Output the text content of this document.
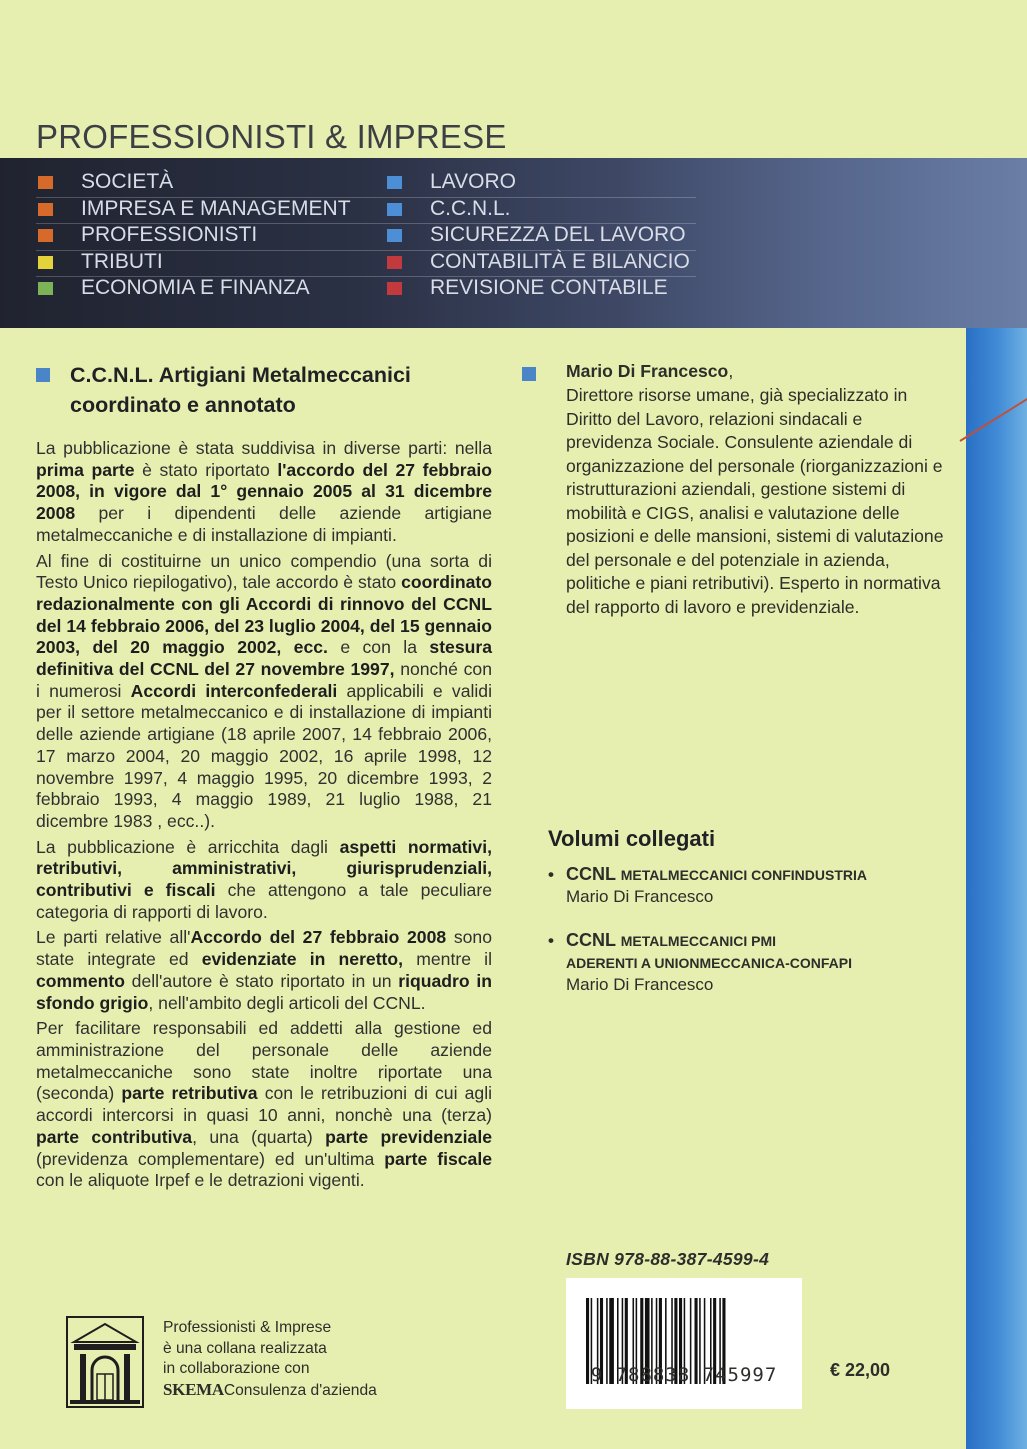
PROFESSIONISTI & IMPRESE
SOCIETÀ
IMPRESA E MANAGEMENT
PROFESSIONISTI
TRIBUTI
ECONOMIA E FINANZA
LAVORO
C.C.N.L.
SICUREZZA DEL LAVORO
CONTABILITÀ E BILANCIO
REVISIONE CONTABILE
C.C.N.L. Artigiani Metalmeccanici
coordinato e annotato

La pubblicazione è stata suddivisa in diverse parti: nella prima parte è stato riportato l'accordo del 27 febbraio 2008, in vigore dal 1° gennaio 2005 al 31 dicembre 2008 per i dipendenti delle aziende artigiane metalmeccaniche e di installazione di impianti.

Al fine di costituirne un unico compendio (una sorta di Testo Unico riepilogativo), tale accordo è stato coordinato redazionalmente con gli Accordi di rinnovo del CCNL del 14 febbraio 2006, del 23 luglio 2004, del 15 gennaio 2003, del 20 maggio 2002, ecc. e con la stesura definitiva del CCNL del 27 novembre 1997, nonché con i numerosi Accordi interconfederali applicabili e validi per il settore metalmeccanico e di installazione di impianti delle aziende artigiane (18 aprile 2007, 14 febbraio 2006, 17 marzo 2004, 20 maggio 2002, 16 aprile 1998, 12 novembre 1997, 4 maggio 1995, 20 dicembre 1993, 2 febbraio 1993, 4 maggio 1989, 21 luglio 1988, 21 dicembre 1983 , ecc..).

La pubblicazione è arricchita dagli aspetti normativi, retributivi, amministrativi, giurisprudenziali, contributivi e fiscali che attengono a tale peculiare categoria di rapporti di lavoro.

Le parti relative all'Accordo del 27 febbraio 2008 sono state integrate ed evidenziate in neretto, mentre il commento dell'autore è stato riportato in un riquadro in sfondo grigio, nell'ambito degli articoli del CCNL.

Per facilitare responsabili ed addetti alla gestione ed amministrazione del personale delle aziende metalmeccaniche sono state inoltre riportate una (seconda) parte retributiva con le retribuzioni di cui agli accordi intercorsi in quasi 10 anni, nonchè una (terza) parte contributiva, una (quarta) parte previdenziale (previdenza complementare) ed un'ultima parte fiscale con le aliquote Irpef e le detrazioni vigenti.

Mario Di Francesco,
Direttore risorse umane, già specializzato in Diritto del Lavoro, relazioni sindacali e previdenza Sociale. Consulente aziendale di organizzazione del personale (riorganizzazioni e ristrutturazioni aziendali, gestione sistemi di mobilità e CIGS, analisi e valutazione delle posizioni e delle mansioni, sistemi di valutazione del personale e del potenziale in azienda, politiche e piani retributivi). Esperto in normativa del rapporto di lavoro e previdenziale.
Volumi collegati
• CCNL METALMECCANICI CONFINDUSTRIA
Mario Di Francesco
• CCNL METALMECCANICI PMI
ADERENTI A UNIONMECCANICA-CONFAPI
Mario Di Francesco
ISBN 978-88-387-4599-4
9 788838 745997	€ 22,00
Professionisti & Imprese
è una collana realizzata
in collaborazione con
SKEMAConsulenza d'azienda
